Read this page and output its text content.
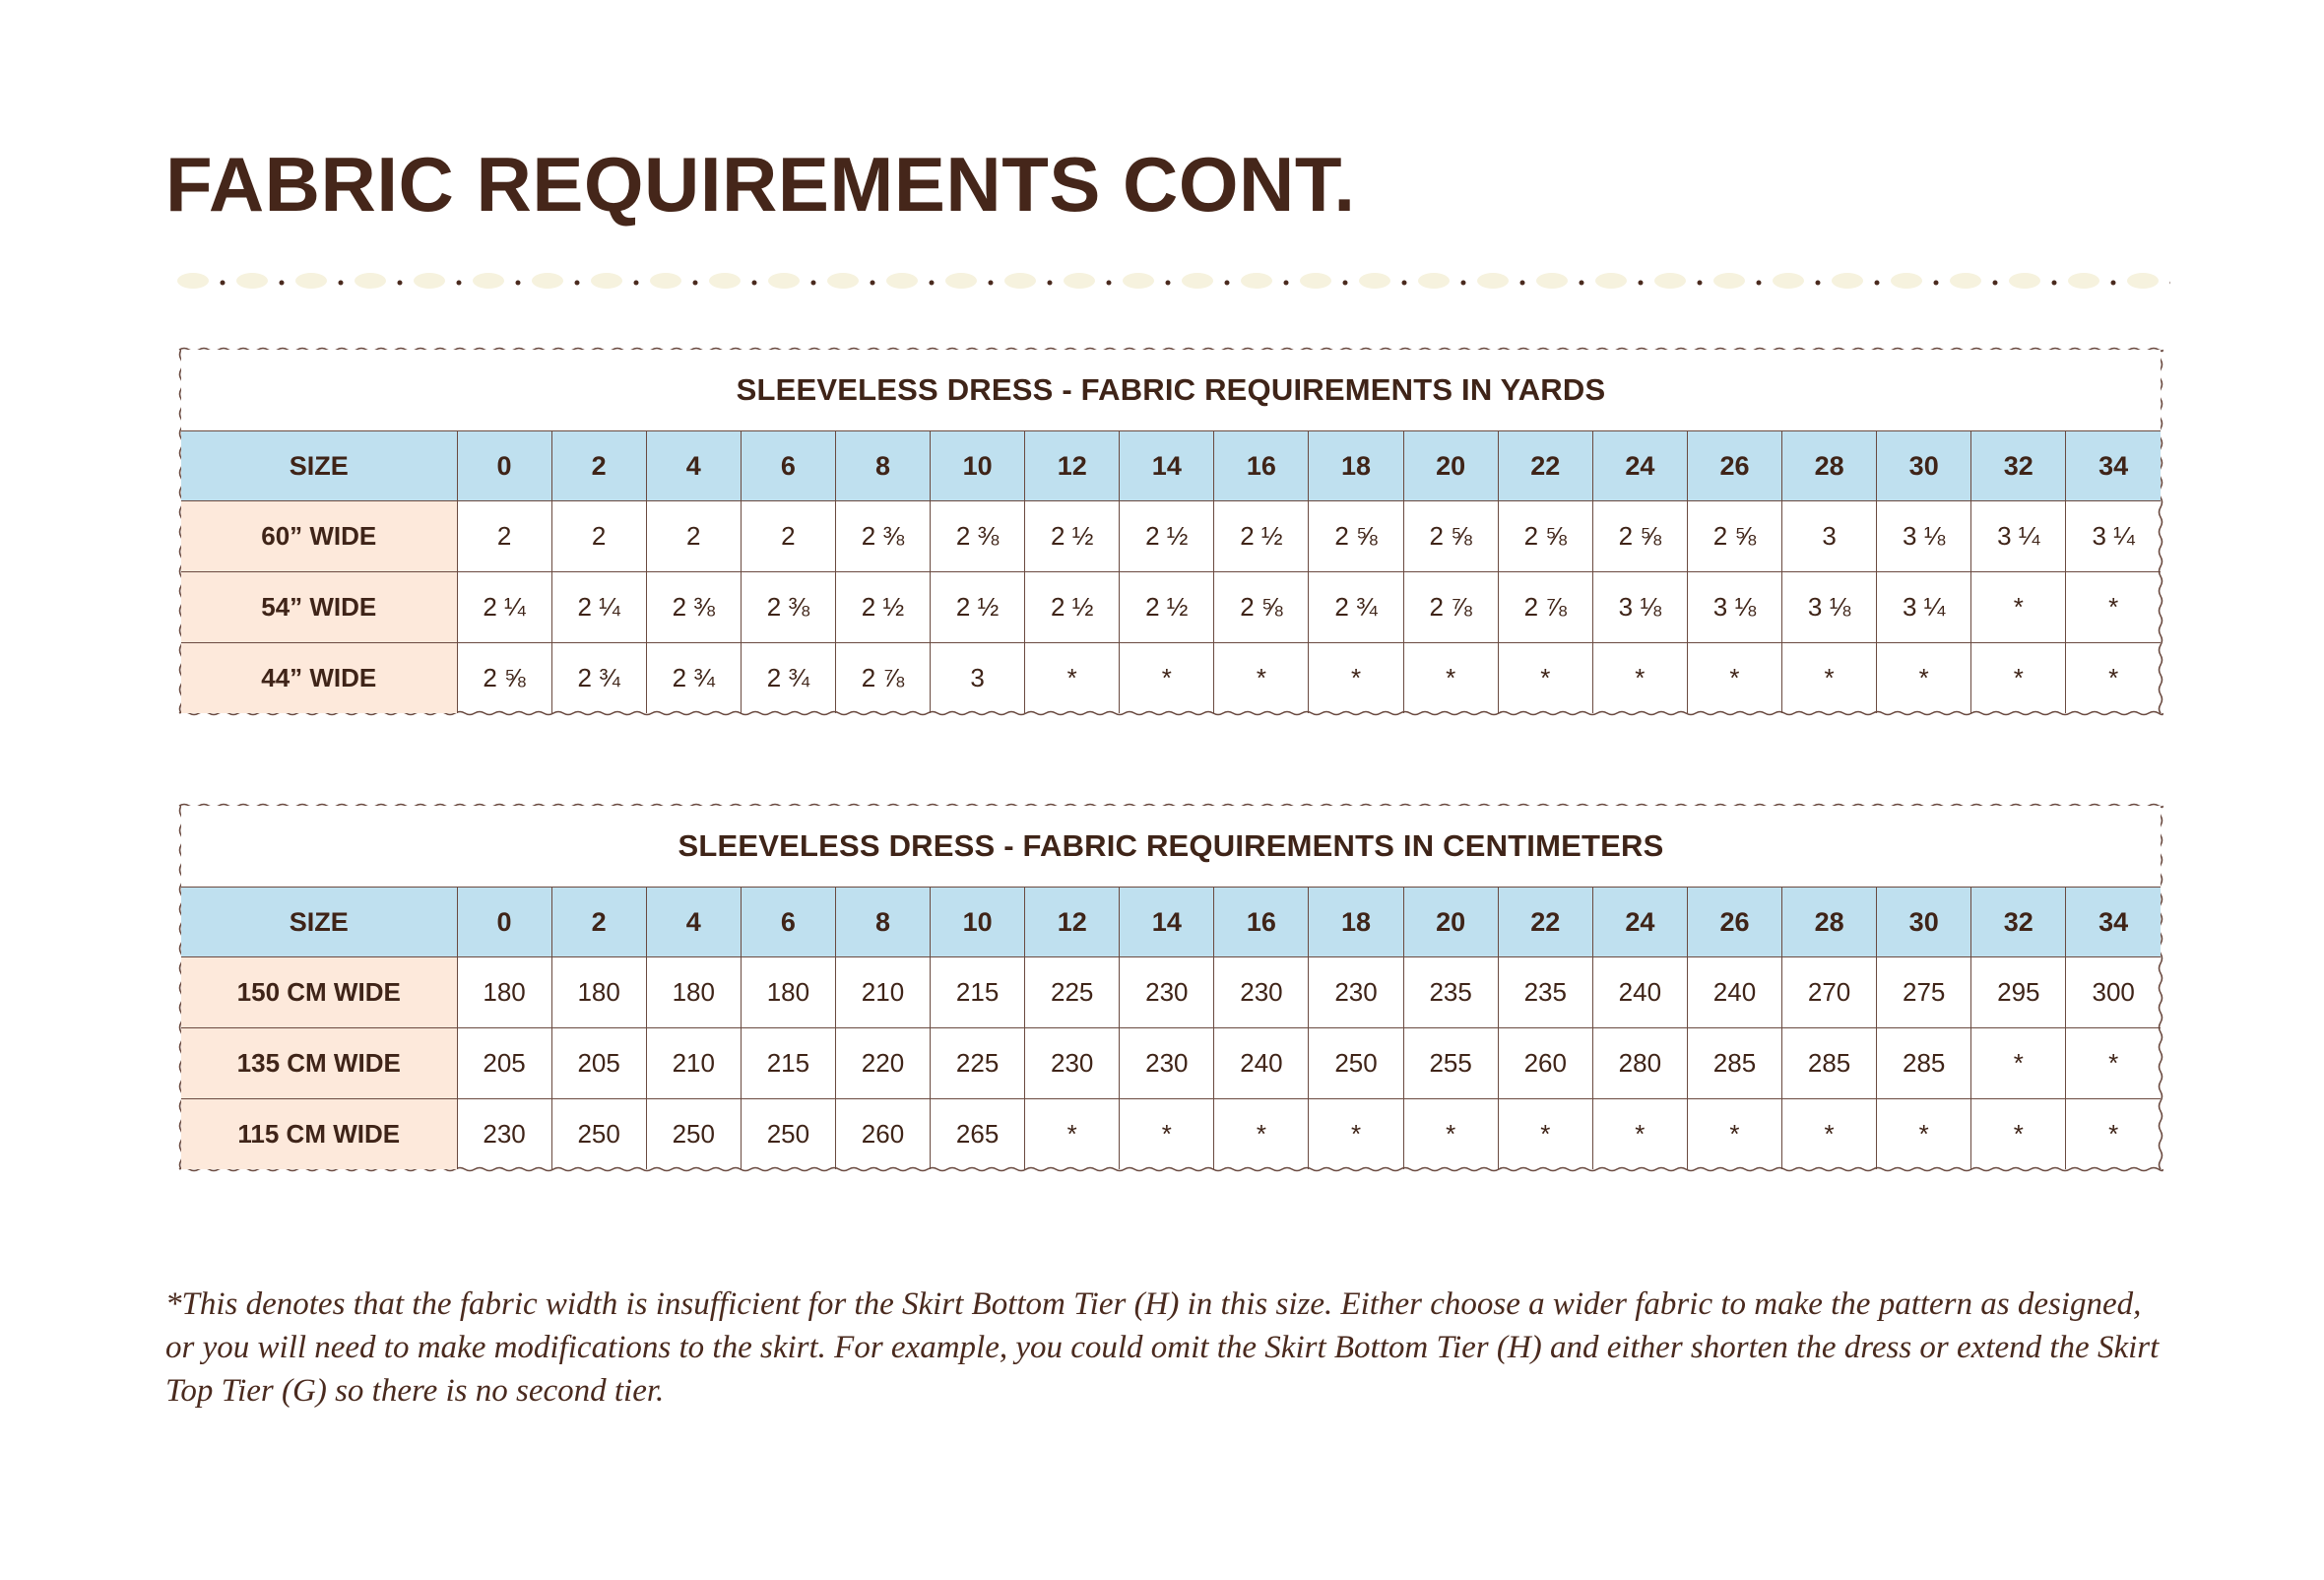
FABRIC REQUIREMENTS CONT.
SLEEVELESS DRESS - FABRIC REQUIREMENTS IN YARDS																		
SIZE	0	2	4	6	8	10	12	14	16	18	20	22	24	26	28	30	32	34
60” WIDE	2	2	2	2	2 ⅜	2 ⅜	2 ½	2 ½	2 ½	2 ⅝	2 ⅝	2 ⅝	2 ⅝	2 ⅝	3	3 ⅛	3 ¼	3 ¼
54” WIDE	2 ¼	2 ¼	2 ⅜	2 ⅜	2 ½	2 ½	2 ½	2 ½	2 ⅝	2 ¾	2 ⅞	2 ⅞	3 ⅛	3 ⅛	3 ⅛	3 ¼	*	*
44” WIDE	2 ⅝	2 ¾	2 ¾	2 ¾	2 ⅞	3	*	*	*	*	*	*	*	*	*	*	*	*
SLEEVELESS DRESS - FABRIC REQUIREMENTS IN CENTIMETERS																		
SIZE	0	2	4	6	8	10	12	14	16	18	20	22	24	26	28	30	32	34
150 CM WIDE	180	180	180	180	210	215	225	230	230	230	235	235	240	240	270	275	295	300
135 CM WIDE	205	205	210	215	220	225	230	230	240	250	255	260	280	285	285	285	*	*
115 CM WIDE	230	250	250	250	260	265	*	*	*	*	*	*	*	*	*	*	*	*

*This denotes that the fabric width is insufficient for the Skirt Bottom Tier (H) in this size. Either choose a wider fabric to make the pattern as designed, or you will need to make modifications to the skirt. For example, you could omit the Skirt Bottom Tier (H) and either shorten the dress or extend the Skirt Top Tier (G) so there is no second tier.
